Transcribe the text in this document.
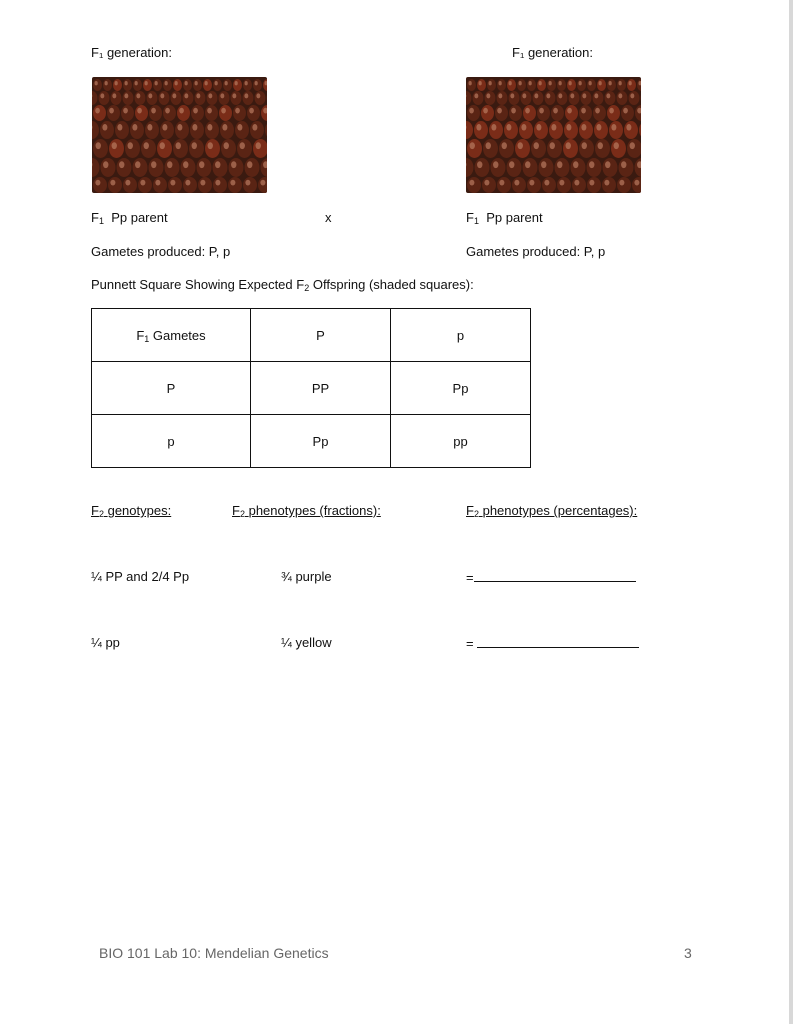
F₁ generation:	F₁ generation:
$F_1$ Pp parent	x	$F_1$ Pp parent
Gametes produced: P, p	Gametes produced: P, p
Punnett Square Showing Expected $F_2$ Offspring (shaded squares):
$F_1$ Gametes	P	p
P	PP	Pp
p	Pp	pp
$F_2$ genotypes:	$F_2$ phenotypes (fractions):	$F_2$ phenotypes (percentages):
¼ PP and 2/4 Pp	¾ purple	=
¼ pp	¼ yellow	=
BIO 101 Lab 10: Mendelian Genetics	3
